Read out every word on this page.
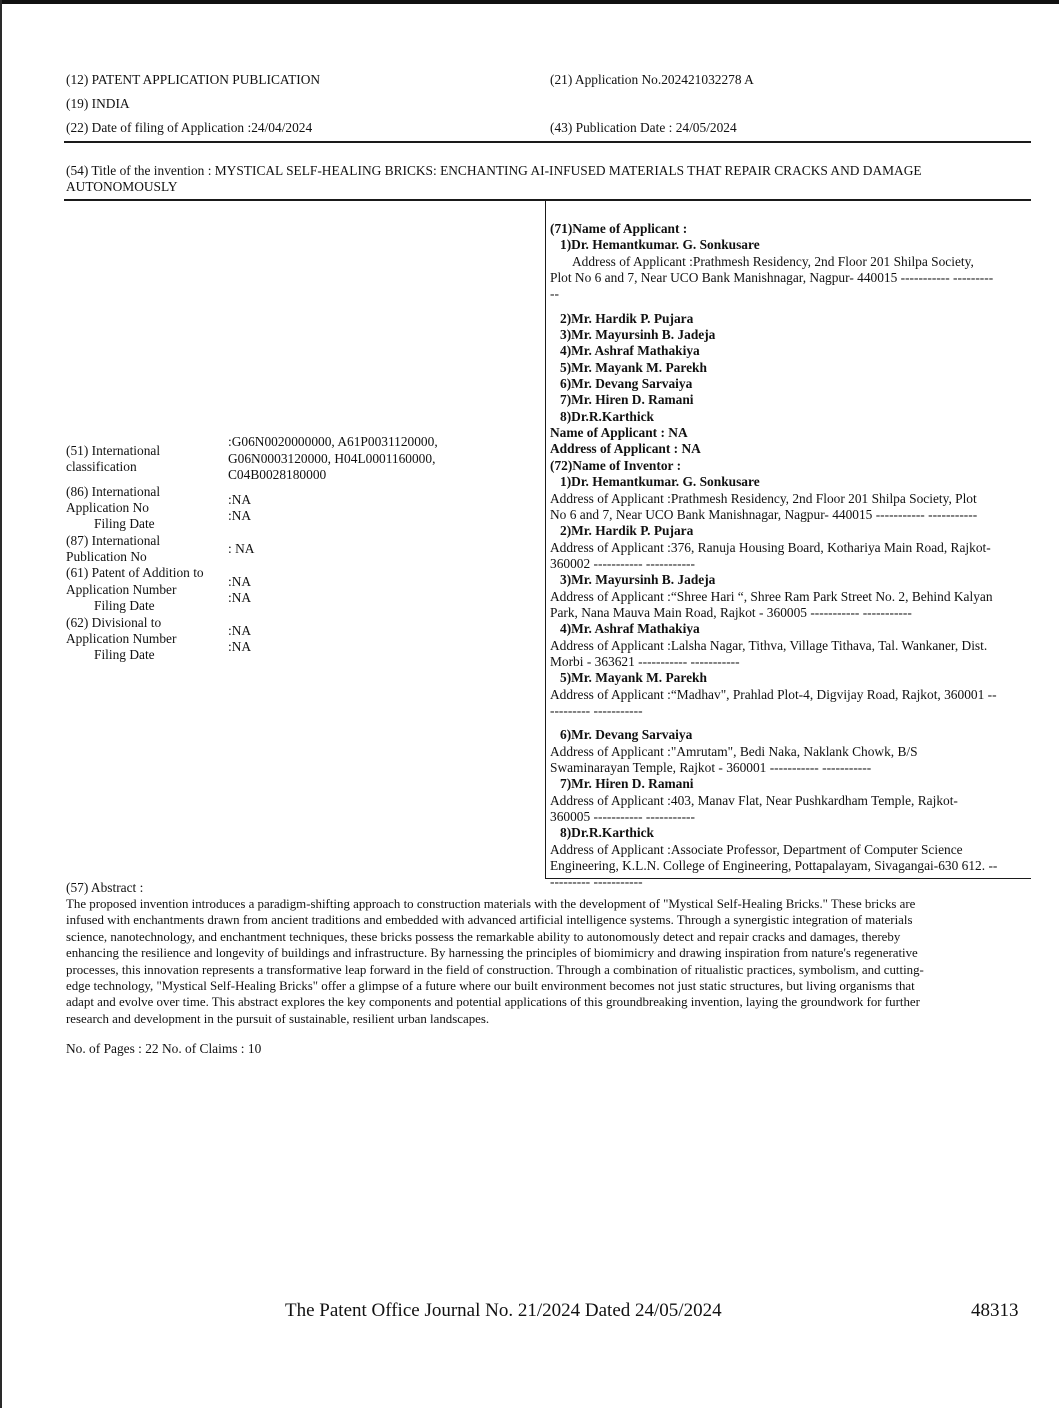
(12) PATENT APPLICATION PUBLICATION
(19) INDIA
(22) Date of filing of Application :24/04/2024
(21) Application No.202421032278 A
(43) Publication Date : 24/05/2024
(54) Title of the invention : MYSTICAL SELF-HEALING BRICKS: ENCHANTING AI-INFUSED MATERIALS THAT REPAIR CRACKS AND DAMAGE
AUTONOMOUSLY
(51) International
classification
:G06N0020000000, A61P0031120000,
G06N0003120000, H04L0001160000,
C04B0028180000
(86) International
Application No
Filing Date
:NA
:NA
(87) International
Publication No
: NA
(61) Patent of Addition to
Application Number
Filing Date
:NA
:NA
(62) Divisional to
Application Number
Filing Date
:NA
:NA
(71)Name of Applicant :
1)Dr. Hemantkumar. G. Sonkusare
Address of Applicant :Prathmesh Residency, 2nd Floor 201 Shilpa Society,
Plot No 6 and 7, Near UCO Bank Manishnagar, Nagpur- 440015 ----------- ---------
--
2)Mr. Hardik P. Pujara
3)Mr. Mayursinh B. Jadeja
4)Mr. Ashraf Mathakiya
5)Mr. Mayank M. Parekh
6)Mr. Devang Sarvaiya
7)Mr. Hiren D. Ramani
8)Dr.R.Karthick
Name of Applicant : NA
Address of Applicant : NA
(72)Name of Inventor :
1)Dr. Hemantkumar. G. Sonkusare
Address of Applicant :Prathmesh Residency, 2nd Floor 201 Shilpa Society, Plot
No 6 and 7, Near UCO Bank Manishnagar, Nagpur- 440015 ----------- -----------
2)Mr. Hardik P. Pujara
Address of Applicant :376, Ranuja Housing Board, Kothariya Main Road, Rajkot-
360002 ----------- -----------
3)Mr. Mayursinh B. Jadeja
Address of Applicant :“Shree Hari “, Shree Ram Park Street No. 2, Behind Kalyan
Park, Nana Mauva Main Road, Rajkot - 360005 ----------- -----------
4)Mr. Ashraf Mathakiya
Address of Applicant :Lalsha Nagar, Tithva, Village Tithava, Tal. Wankaner, Dist.
Morbi - 363621 ----------- -----------
5)Mr. Mayank M. Parekh
Address of Applicant :“Madhav", Prahlad Plot-4, Digvijay Road, Rajkot, 360001 --
--------- -----------
6)Mr. Devang Sarvaiya
Address of Applicant :"Amrutam", Bedi Naka, Naklank Chowk, B/S
Swaminarayan Temple, Rajkot - 360001 ----------- -----------
7)Mr. Hiren D. Ramani
Address of Applicant :403, Manav Flat, Near Pushkardham Temple, Rajkot-
360005 ----------- -----------
8)Dr.R.Karthick
Address of Applicant :Associate Professor, Department of Computer Science
Engineering, K.L.N. College of Engineering, Pottapalayam, Sivagangai-630 612. --
--------- -----------
(57) Abstract :
The proposed invention introduces a paradigm-shifting approach to construction materials with the development of "Mystical Self-Healing Bricks." These bricks are
infused with enchantments drawn from ancient traditions and embedded with advanced artificial intelligence systems. Through a synergistic integration of materials
science, nanotechnology, and enchantment techniques, these bricks possess the remarkable ability to autonomously detect and repair cracks and damages, thereby
enhancing the resilience and longevity of buildings and infrastructure. By harnessing the principles of biomimicry and drawing inspiration from nature's regenerative
processes, this innovation represents a transformative leap forward in the field of construction. Through a combination of ritualistic practices, symbolism, and cutting-
edge technology, "Mystical Self-Healing Bricks" offer a glimpse of a future where our built environment becomes not just static structures, but living organisms that
adapt and evolve over time. This abstract explores the key components and potential applications of this groundbreaking invention, laying the groundwork for further
research and development in the pursuit of sustainable, resilient urban landscapes.
No. of Pages : 22 No. of Claims : 10
The Patent Office Journal No. 21/2024 Dated 24/05/2024	48313
